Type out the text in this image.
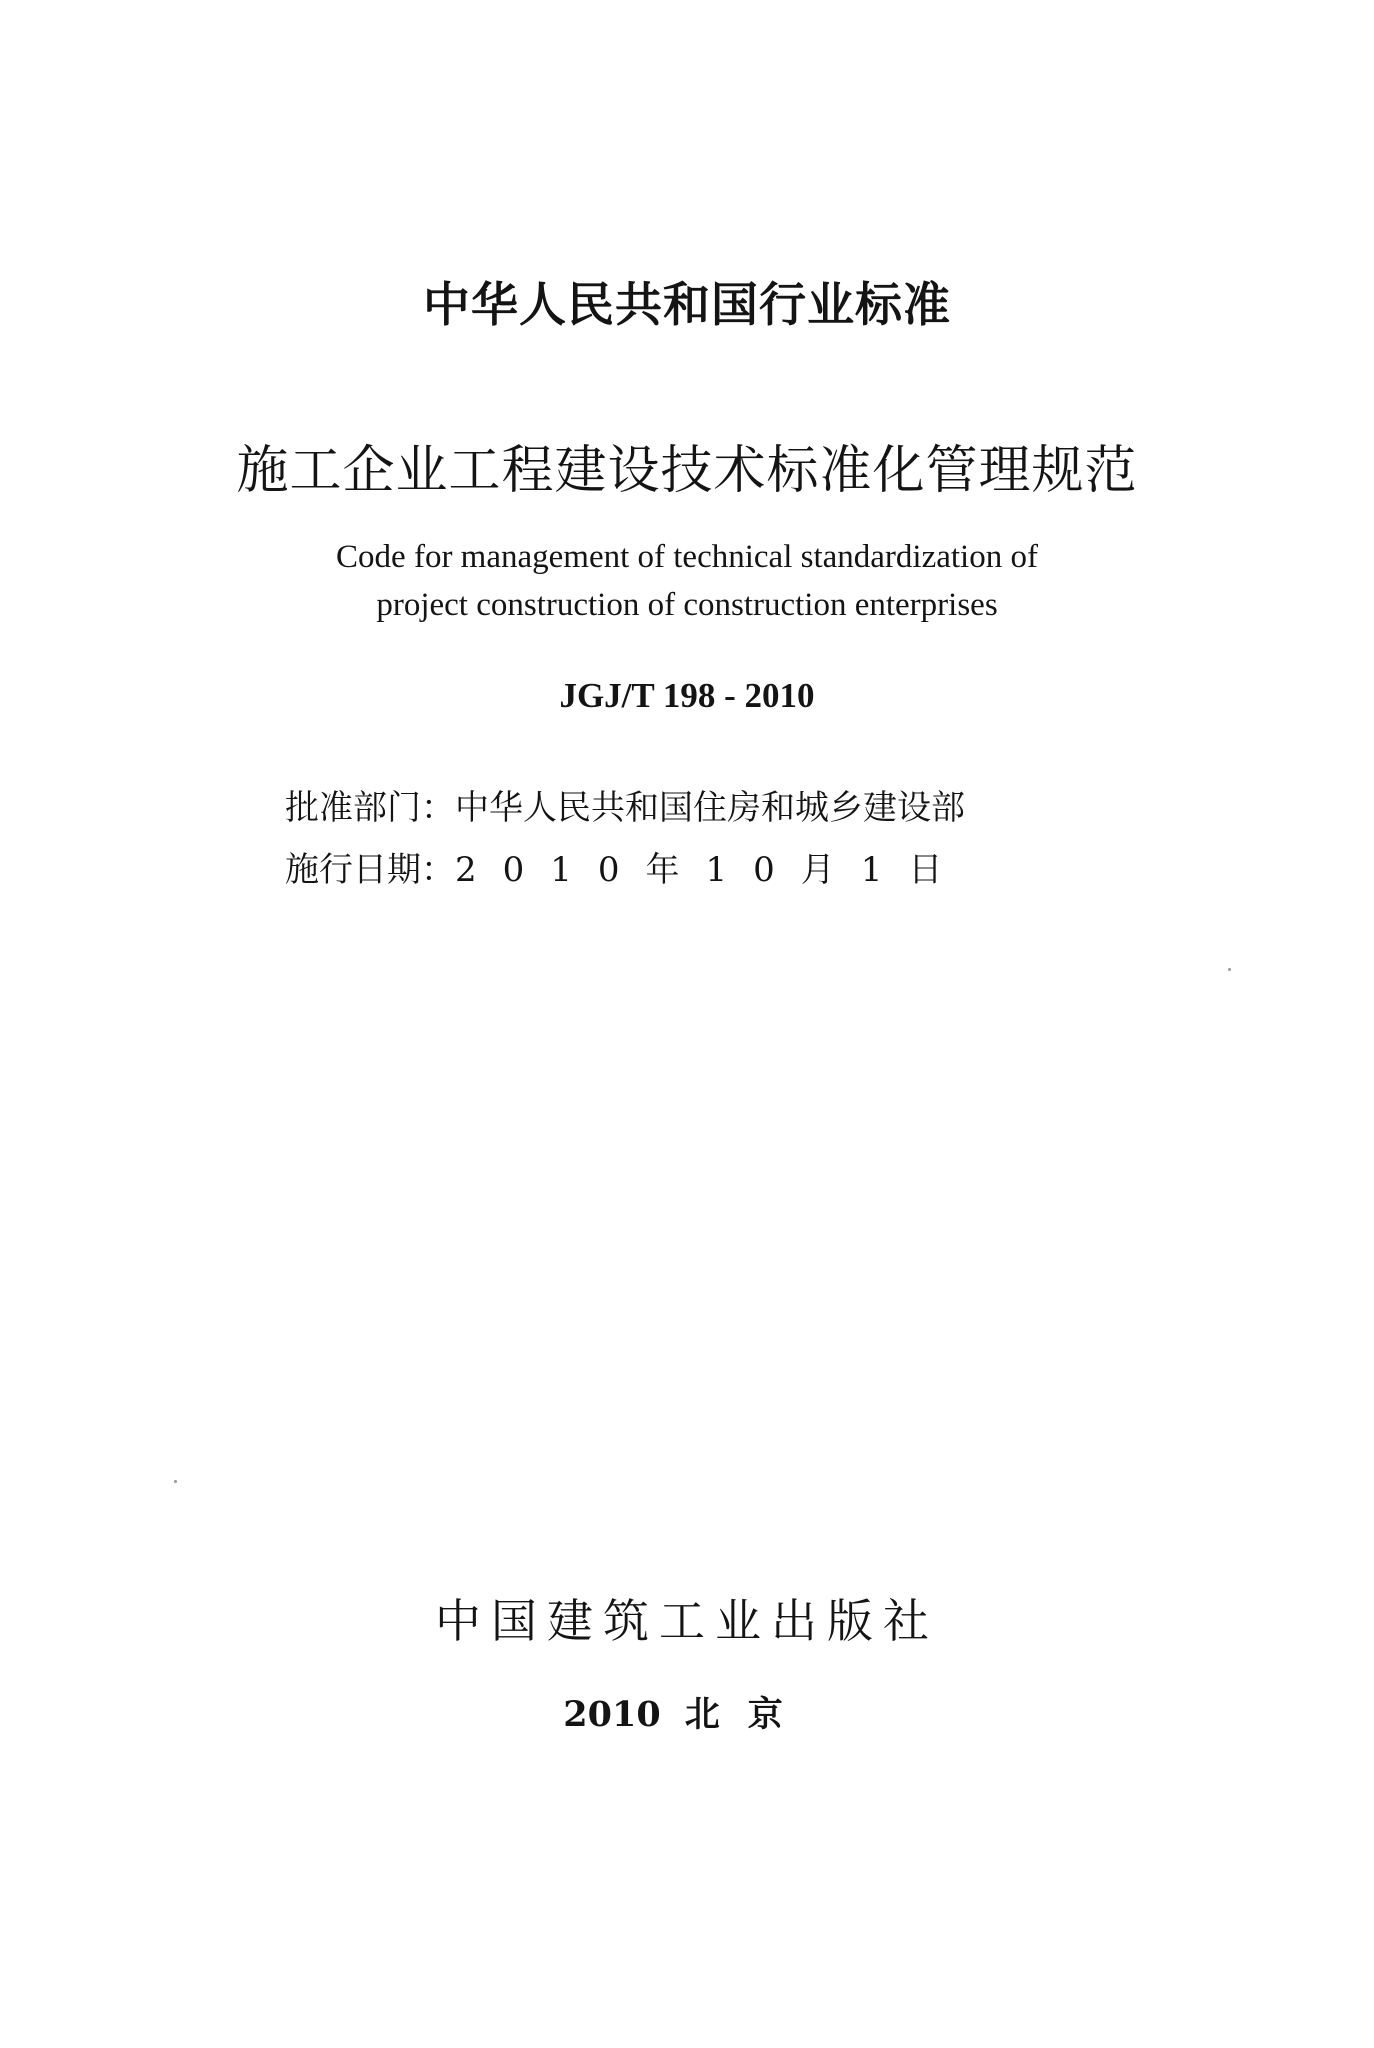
中华人民共和国行业标准
施工企业工程建设技术标准化管理规范
Code for management of technical standardization of
project construction of construction enterprises
JGJ/T 198 - 2010
批准部门：中华人民共和国住房和城乡建设部
施行日期：2010年10月1日
中国建筑工业出版社
2010 北京
